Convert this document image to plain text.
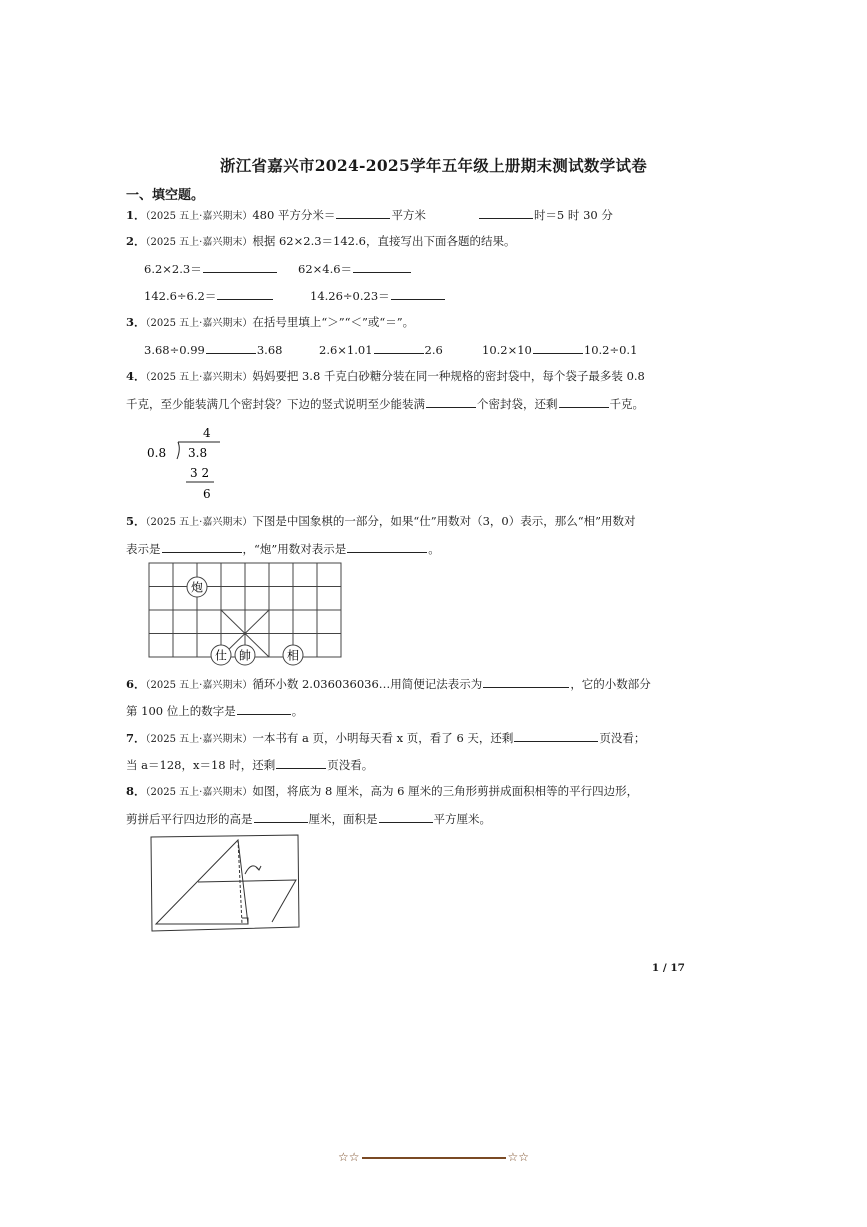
浙江省嘉兴市2024-2025学年五年级上册期末测试数学试卷
一、填空题。
1．（2025 五上·嘉兴期末）480 平方分米＝	平方米	时＝5 时 30 分
2．（2025 五上·嘉兴期末）根据 62×2.3＝142.6，直接写出下面各题的结果。
6.2×2.3＝	62×4.6＝
142.6÷6.2＝	14.26÷0.23＝
3．（2025 五上·嘉兴期末）在括号里填上“＞”“＜”或“＝”。
3.68÷0.99	3.68	2.6×1.01	2.6	10.2×10	10.2÷0.1
4．（2025 五上·嘉兴期末）妈妈要把 3.8 千克白砂糖分装在同一种规格的密封袋中，每个袋子最多装 0.8
千克，至少能装满几个密封袋？下边的竖式说明至少能装满	个密封袋，还剩	千克。
4
0.8 3.8
3 2
6
5．（2025 五上·嘉兴期末）下图是中国象棋的一部分，如果“仕”用数对（3，0）表示，那么“相”用数对
表示是	，“炮”用数对表示是	。
炮
仕 帥	相
6．（2025 五上·嘉兴期末）循环小数 2.036036036…用简便记法表示为	，它的小数部分
第 100 位上的数字是	。
7．（2025 五上·嘉兴期末）一本书有 a 页，小明每天看 x 页，看了 6 天，还剩	页没看；
当 a＝128，x＝18 时，还剩	页没看。
8．（2025 五上·嘉兴期末）如图，将底为 8 厘米，高为 6 厘米的三角形剪拼成面积相等的平行四边形，
剪拼后平行四边形的高是	厘米，面积是	平方厘米。
1 / 17
☆☆	☆☆
